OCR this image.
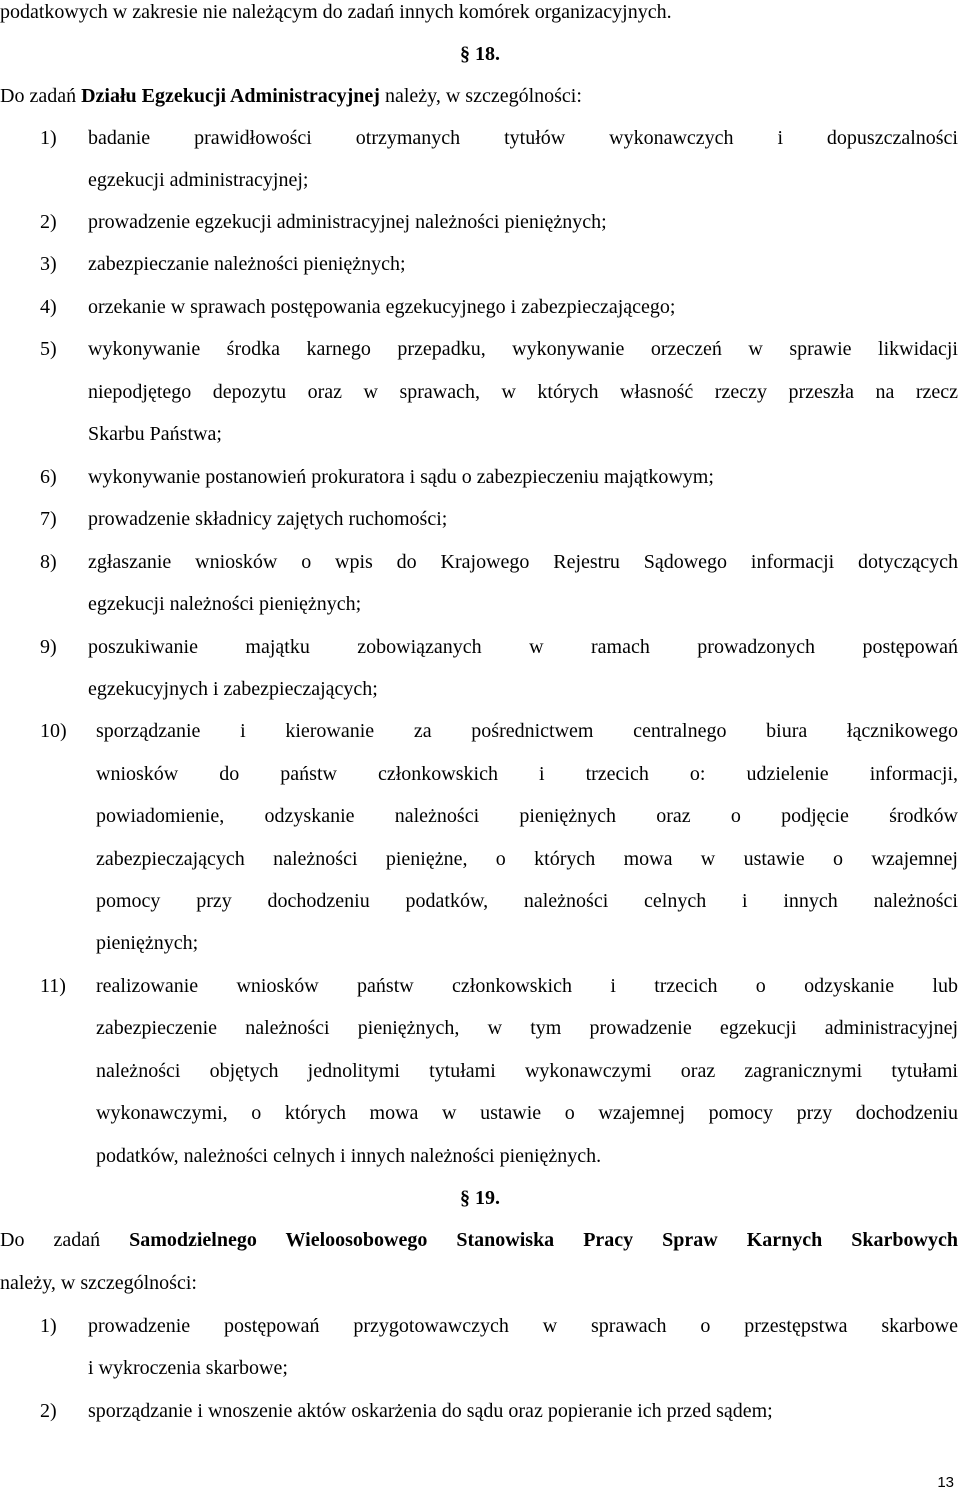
podatkowych w zakresie nie należącym do zadań innych komórek organizacyjnych.
§ 18.
Do zadań Działu Egzekucji Administracyjnej należy, w szczególności:
1) badanie prawidłowości otrzymanych tytułów wykonawczych i dopuszczalności
egzekucji administracyjnej;
2) prowadzenie egzekucji administracyjnej należności pieniężnych;
3) zabezpieczanie należności pieniężnych;
4) orzekanie w sprawach postępowania egzekucyjnego i zabezpieczającego;
5) wykonywanie środka karnego przepadku, wykonywanie orzeczeń w sprawie likwidacji
niepodjętego depozytu oraz w sprawach, w których własność rzeczy przeszła na rzecz
Skarbu Państwa;
6) wykonywanie postanowień prokuratora i sądu o zabezpieczeniu majątkowym;
7) prowadzenie składnicy zajętych ruchomości;
8) zgłaszanie wniosków o wpis do Krajowego Rejestru Sądowego informacji dotyczących
egzekucji należności pieniężnych;
9) poszukiwanie majątku zobowiązanych w ramach prowadzonych postępowań
egzekucyjnych i zabezpieczających;
10) sporządzanie i kierowanie za pośrednictwem centralnego biura łącznikowego
wniosków do państw członkowskich i trzecich o: udzielenie informacji,
powiadomienie, odzyskanie należności pieniężnych oraz o podjęcie środków
zabezpieczających należności pieniężne, o których mowa w ustawie o wzajemnej
pomocy przy dochodzeniu podatków, należności celnych i innych należności
pieniężnych;
11) realizowanie wniosków państw członkowskich i trzecich o odzyskanie lub
zabezpieczenie należności pieniężnych, w tym prowadzenie egzekucji administracyjnej
należności objętych jednolitymi tytułami wykonawczymi oraz zagranicznymi tytułami
wykonawczymi, o których mowa w ustawie o wzajemnej pomocy przy dochodzeniu
podatków, należności celnych i innych należności pieniężnych.
§ 19.
Do zadań Samodzielnego Wieloosobowego Stanowiska Pracy Spraw Karnych Skarbowych
należy, w szczególności:
1) prowadzenie postępowań przygotowawczych w sprawach o przestępstwa skarbowe
i wykroczenia skarbowe;
2) sporządzanie i wnoszenie aktów oskarżenia do sądu oraz popieranie ich przed sądem;
13
